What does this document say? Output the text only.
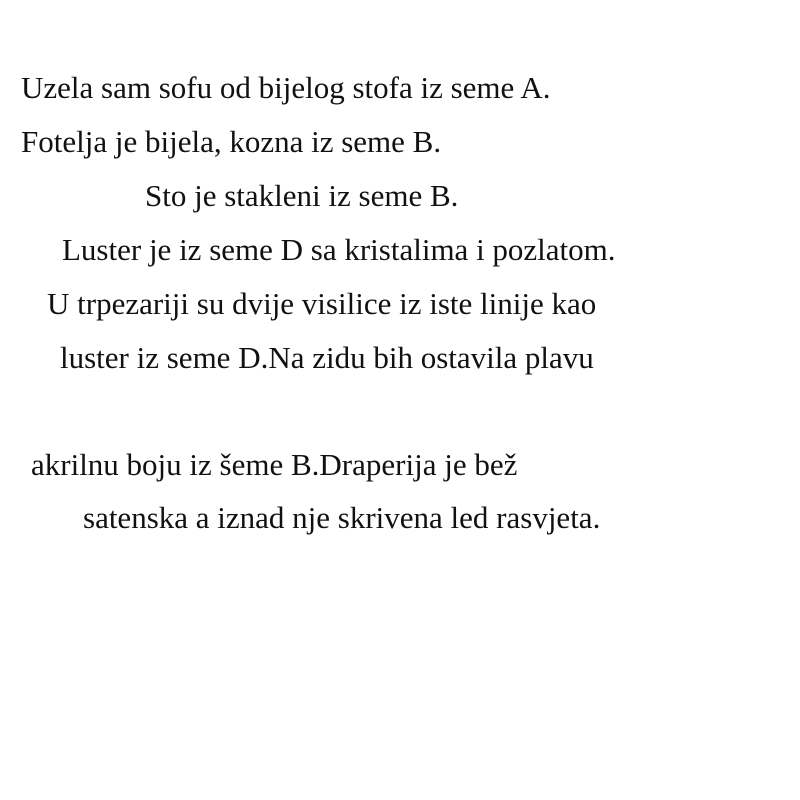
Uzela sam sofu od bijelog stofa iz seme A.
Fotelja je bijela, kozna iz seme B.
Sto je stakleni iz seme B.
Luster je iz seme D sa kristalima i pozlatom.
U trpezariji su dvije visilice iz iste linije kao
luster iz seme D.Na zidu bih ostavila plavu
akrilnu boju iz šeme B.Draperija je bež
satenska a iznad nje skrivena led rasvjeta.
